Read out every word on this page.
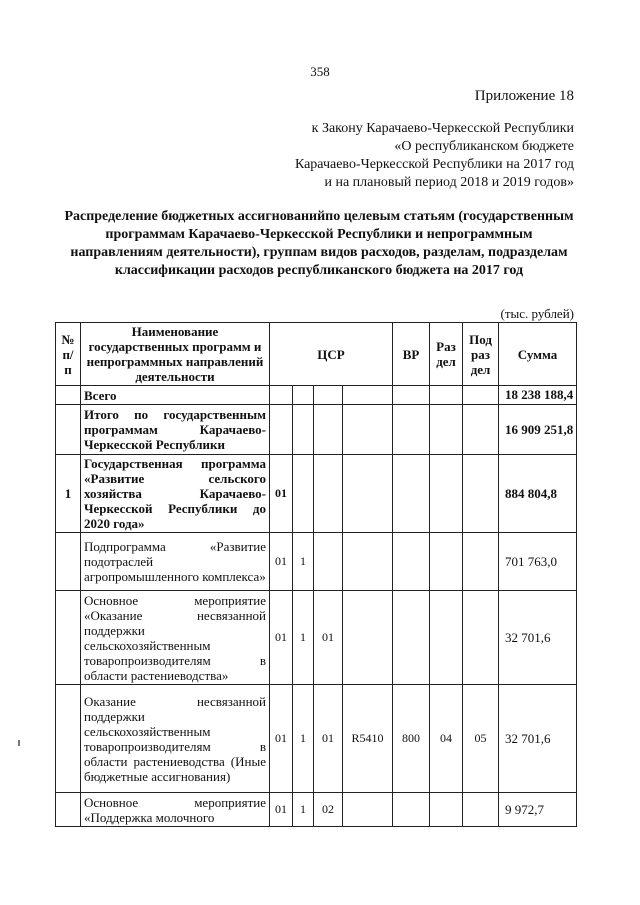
358
Приложение 18
к Закону Карачаево-Черкесской Республики
«О республиканском бюджете
Карачаево-Черкесской Республики на 2017 год
и на плановый период 2018 и 2019 годов»
Распределение бюджетных ассигнованийпо целевым статьям (государственным программам Карачаево-Черкесской Республики и непрограммным направлениям деятельности), группам видов расходов, разделам, подразделам классификации расходов республиканского бюджета на 2017 год
(тыс. рублей)
№ п/ п	Наименование государственных программ и непрограммных направлений деятельности	ЦСР				ВР	Раз дел	Под раз дел	Сумма
	Всего								18 238 188,4
	Итого по государственным программам Карачаево-Черкесской Республики								16 909 251,8
1	Государственная программа «Развитие сельского хозяйства Карачаево-Черкесской Республики до 2020 года»	01							884 804,8
	Подпрограмма «Развитие подотраслей агропромышленного комплекса»	01	1						701 763,0
	Основное мероприятие «Оказание несвязанной поддержки сельскохозяйственным товаропроизводителям в области растениеводства»	01	1	01					32 701,6
	Оказание несвязанной поддержки сельскохозяйственным товаропроизводителям в области растениеводства (Иные бюджетные ассигнования)	01	1	01	R5410	800	04	05	32 701,6
	Основное мероприятие «Поддержка молочного	01	1	02					9 972,7
